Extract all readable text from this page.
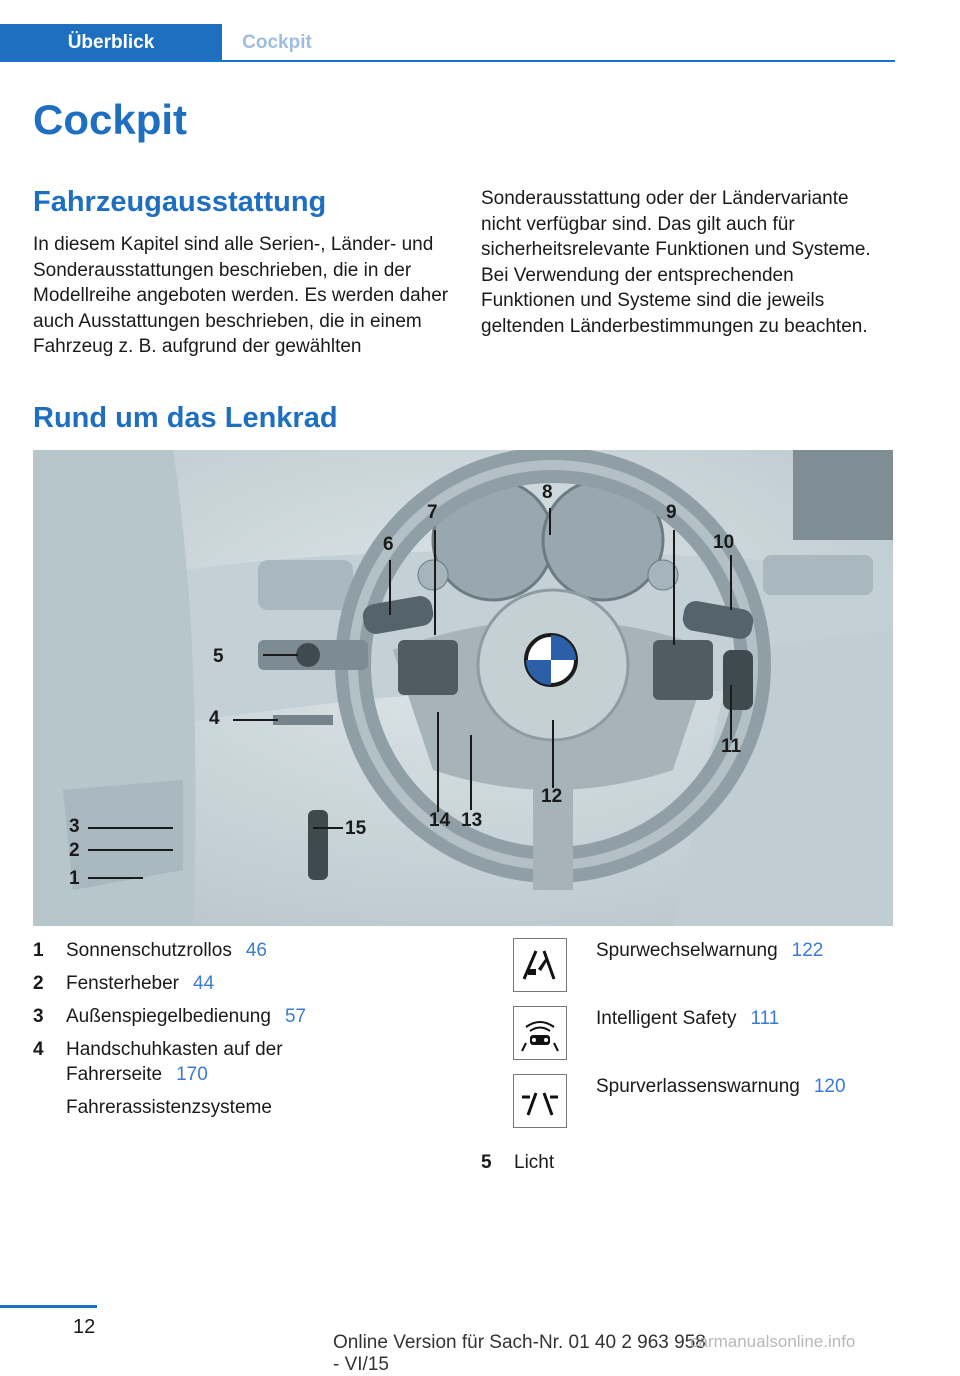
Überblick	Cockpit
Cockpit
Fahrzeugausstattung
In diesem Kapitel sind alle Serien-, Länder- und Sonderausstattungen beschrieben, die in der Modellreihe angeboten werden. Es werden daher auch Ausstattungen beschrieben, die in einem Fahrzeug z. B. aufgrund der gewählten
Sonderausstattung oder der Ländervariante nicht verfügbar sind. Das gilt auch für sicherheitsrelevante Funktionen und Systeme. Bei Verwendung der entsprechenden Funktionen und Systeme sind die jeweils geltenden Länderbestimmungen zu beachten.
Rund um das Lenkrad
1
2
3
4
5
6
7
8
9
10
11
12
13
14
15
1	Sonnenschutzrollos 46
2	Fensterheber 44
3	Außenspiegelbedienung 57
4	Handschuhkasten auf der Fahrerseite 170
Fahrerassistenzsysteme
Spurwechselwarnung 122
Intelligent Safety 111
Spurverlassenswarnung 120
5	Licht
12
Online Version für Sach-Nr. 01 40 2 963 958 - VI/15
carmanualsonline.info
